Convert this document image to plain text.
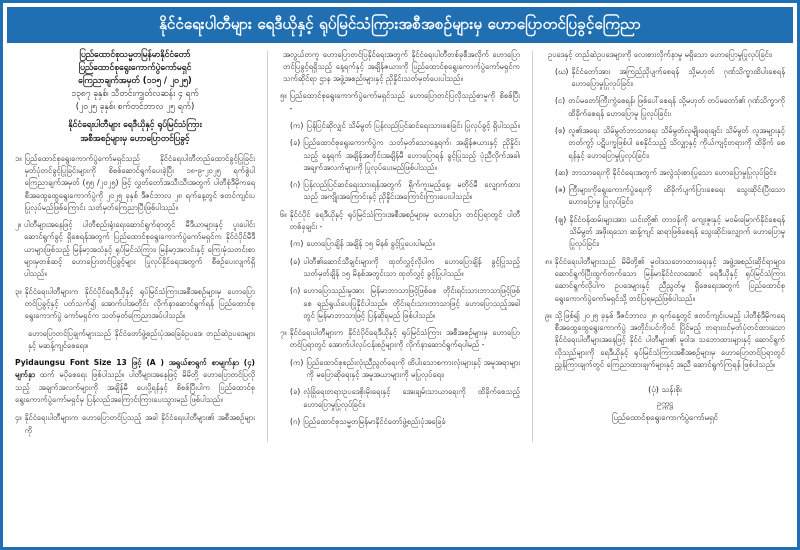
နိုင်ငံရေးပါတီများ ရေဒီယိုနှင့် ရုပ်မြင်သံကြားအစီအစဉ်များမှ ဟောပြောတင်ပြခွင့်ကြေညာ
ပြည်ထောင်စုသမ္မတမြန်မာနိုင်ငံတော်
ပြည်ထောင်စုရွေးကောက်ပွဲကော်မရှင်
ကြေညာချက်အမှတ် (၁၁၅ / ၂၀၂၅)
၁၃၈၇ ခုနှစ်၊ သီတင်းကျွတ်လဆန်း ၄ ရက်
(၂၀၂၅ ခုနှစ်၊ စက်တင်ဘာလ ၂၅ ရက်)
နိုင်ငံရေးပါတီများ ရေဒီယိုနှင့် ရုပ်မြင်သံကြား
အစီအစဉ်များမှ ဟောပြောတင်ပြခွင့်
၁။ ပြည်ထောင်စုရွေးကောက်ပွဲကော်မရှင်သည် နိုင်ငံရေးပါတီတည်ထောင်ခွင့်ပြုခြင်းမှတ်ပုံတင်ခွင့်ပြုခြင်းများကို စိစစ်ဆောင်ရွက်ပေးခဲ့ပြီး ၁၈-၉-၂၀၂၅ ရက်စွဲပါ ကြေညာချက်အမှတ် (၅၅ /၂၀၂၅) ဖြင့် လွှတ်တော်အသီးသီးအတွက် ပါတီစုံဒီမိုကရေစီအထွေထွေရွေးကောက်ပွဲကို ၂၀၂၅ ခုနှစ် ဒီဇင်ဘာလ ၂၈ ရက်နေ့တွင် စတင်ကျင်းပပြုလုပ်မည်ဖြစ်ကြောင်း သတ်မှတ်ကြေညာပြီးဖြစ်ပါသည်။
၂။ ပါတီများအနေဖြင့် ပါတီစည်းရုံးရေးဆောင်ရွက်ရာတွင် မီဒီယာများနှင့် ပူးပေါင်းဆောင်ရွက်ခွင့် ရှိစေရန်အတွက် ပြည်ထောင်စုရွေးကောက်ပွဲကော်မရှင်က နိုင်ငံပိုင်မီဒီယာများဖြစ်သည့် မြန်မာ့အသံနှင့် ရုပ်မြင်သံကြား၊ မြန်မာ့အလင်းနှင့် ကြေးမုံသတင်းစာများမှတစ်ဆင့် ဟောပြောတင်ပြခွင့်များ ပြုလုပ်နိုင်ရေးအတွက် စီစဉ်ပေးလျက်ရှိပါသည်။
၃။ နိုင်ငံရေးပါတီများက နိုင်ငံပိုင်ရေဒီယိုနှင့် ရုပ်မြင်သံကြားအစီအစဉ်များမှ ဟောပြောတင်ပြခွင့်နှင့် ပတ်သက်၍ အောက်ပါအတိုင်း လိုက်နာဆောင်ရွက်ရန် ပြည်ထောင်စုရွေးကောက်ပွဲ ကော်မရှင်က သတ်မှတ်ကြေညာအပ်ပါသည်။
ဟောပြောတင်ပြချက်များသည် နိုင်ငံတော်ဖွဲ့စည်းပုံအခြေခံဥပဒေ၊ တည်ဆဲဥပဒေများနှင့် မဆန့်ကျင်စေရေး။

Pyidaungsu Font Size 13 ဖြင့် (A ) အရွယ်စာရွက် စာမျက်နှာ (၄) မျက်နှာ ထက် မပိုစေရေး ဖြစ်ပါသည်။ ပါတီများအနေဖြင့် မိမိတို့ ဟောပြောတင်ပြလိုသည့် အချက်အလက်များကို အချိန်မီ ပေးပို့ရန်နှင့် စိစစ်ပြီးပါက ပြည်ထောင်စုရွေးကောက်ပွဲကော်မရှင်မှ ပြန်လည်အကြောင်းကြားပေးသွားမည် ဖြစ်ပါသည်။

၄။ နိုင်ငံရေးပါတီများက ဟောပြောတင်ပြသည့် အခါ နိုင်ငံရေးပါတီများ၏ အစီအစဉ်များကို
အလွယ်တကူ ဟောပြောတင်ပြနိုင်ရေးအတွက် နိုင်ငံရေးပါတီတစ်ခုစီအလိုက် ဟောပြောတင်ပြခွင့်ရရှိသည့် နေ့ရက်နှင့် အချိန်ဇယားကို ပြည်ထောင်စုရွေးကောက်ပွဲကော်မရှင်က သက်ဆိုင်ရာ ဌာန အဖွဲ့အစည်းများနှင့် ညှိနှိုင်းသတ်မှတ်ပေးပါသည်။
၅။ ပြည်ထောင်စုရွေးကောက်ပွဲကော်မရှင်သည် ဟောပြောတင်ပြလိုသည့်စာမူကို စိစစ်ပြီး -
(က) ပြန်ပြင်ဆိုလျှင် သိမ်မွတ် ပြန်လည်ပြင်ဆင်ရေးသားစေခြင်း ပြုလုပ်ခွင့် ရှိပါသည်။
(ခ) ပြည်ထောင်စုရွေးကောက်ပွဲက သတ်မှတ်သောနေ့ရက်၊ အချိန်ဇယားနှင့် ညှိနှိုင်းသည့် နေ့ရက် အချိန်အတိုင်းအချိန်မီ ဟောပြောရန် ခွင့်ပြုသည့် ပုံညီလိုက်အခါ၊ အချက်အလက်များကို ပြုလုပ်ပေးမည်ဖြစ်ပါသည်။
(ဂ) ပြန်လည်ပြင်ဆင်ရေးသားရန်အတွက် ရိုက်ကူးမည့်နေ့၊ မတိုင်မီ လျှောက်ထားသည် အကျိုးအကြောင်းနှင့် ညှိနှိုင်းအကြောင်းကြားပေးပါသည်။
၆။ နိုင်ငံပိုင် ရေဒီယိုနှင့် ရုပ်မြင်သံကြားအစီအစဉ်များမှ ဟောပြော တင်ပြရာတွင် ပါတီ တစ်ခုချင်း -
(က) ဟောပြောချိန် အချိန် ၁၅ မိနစ် ခွင့်ပြုပေးပါမည်။
(ခ) ပါတီ၏ဆောင်သီချင်းများကို ထုတ်လွှင့်လိုပါက ဟောပြောချိန် ခွင့်ပြုသည့် သတ်မှတ်ချိန် ၁၅ မိနစ်အတွင်းသာ ထုတ်လွှင့် ခွင့်ပြုပါသည်။
(ဂ) ဟောပြောသည်းမှုအား မြန်မာဘာသာဖြင့်ဖြစ်စေ တိုင်းရင်းသားဘာသာဖြင့်ဖြစ်စေ ရည်ရွယ်ပေးပြုနိုင်ပါသည်။ တိုင်းရင်းသားဘာသာဖြင့် ဟောပြောသည့်အခါတွင် မြန်မာဘာသာဖြင့် ပြန်ဆိုရမည် ဖြစ်ပါသည်။
၇။ နိုင်ငံရေးပါတီများက နိုင်ငံပိုင်ရေဒီယိုနှင့် ရုပ်မြင်သံကြား အစီအစဉ်များမှ ဟောပြောတင်ပြရာတွင် အောက်ပါလုပ်ငန်းစဉ်များကို လိုက်နာဆောင်ရွက်ရပါမည် -
(က) ပြည်ထောင်စုစည်းလုံးညီညွတ်ရေးကို ထိပါးသောစကားလုံးများနှင့် အမူအရာများကို မပြောဆိုရေးနှင့် အမူအယာများကို မပြုလုပ်ရေး၊
(ခ) လုံခြုံရေးတရားဥပဒေစိုးမိုးရေးနှင့် အေးချမ်းသာယာရေးကို ထိခိုက်စေသည့် ဟောပြောမှုပြုလုပ်ခြင်း၊
(ဂ) ပြည်ထောင်စုသမ္မတမြန်မာနိုင်ငံတော်ဖွဲ့စည်းပုံအခြေခံ
ဥပဒေနှင့် တည်ဆဲဥပဒေများကို လေးစားလိုက်နာမှု မရှိသော ဟောပြောမှုပြုလုပ်ခြင်း၊
(ဃ) နိုင်ငံတော်အား အကြည်ညိုပျက်စေရန် သို့မဟုတ် ဂုဏ်သိက္ခာထိပါးစေရန် ဟောပြောမှုပြုလုပ်ခြင်း၊
(င) တပ်မတော်ကြီးကွဲစေရန်၊ ဖြစ်ပေါ်စေရန် သို့မဟုတ် တပ်မတော်၏ ဂုဏ်သိက္ခာကို ထိခိုက်စေရန် ဟောပြောမှု ပြုလုပ်ခြင်း၊
(စ) လူ၏အရေး သိမ်မွတ်ဘာသာရေး သိမ်မွတ်လူမျိုးရေးချင်း သိမ်မွတ် လူအများနှင့်တတ်ကွာ့် ပဋိပက္ခဖြစ်ပါ စေနိုင်သည့် သိလျှာ့နှင့် ကိုယ်ကျင့်တရားကို ထိခိုက် စေရန်နှင့် ဟောပြောမှုပြုလုပ်ခြင်း၊
(ဆ) ဘာသာရေးကို နိုင်ငံရေးအတွက် အလွဲသုံးစားပြုသော ဟောပြောမှုပြုလုပ်ခြင်း၊
(ဇ) ကြီးများကိုရွေးကောက်ပွဲရေးကို ထိခိုက်ပျက်ပြားစေရေး သွေးဆိုင်းပြီးသော ဟောပြောမှု ပြုလုပ်ခြင်း၊
(ဈ) နိုင်ငံဝန်ထမ်းများအား ယင်းတို့၏ တာဝန်ကို ကျေးဇူးနှင့် မဝမ်းမြောက်နိုင်စေရန် သိမ်မွတ် အဖိုးရသော ဆန့်ကျင် ဆရာဖြစ်စေရန် သွေးဆိုင်းလျှောက် ဟောပြောမှု ပြုလုပ်ခြင်း၊
၈။ နိုင်ငံရေးပါတီများသည် မိမိတို့၏ မူဝါဒသဘောထားရေးနှင့် အဖွဲ့အစည်းဆိုင်ရာများ၊ ဆောင်ရွက်ပြီးထွက်တက်သော မြန်မာနိုင်ငံလာအောင် ရေဒီယိုနှင့် ရုပ်မြင်သံကြားဆောင်ရွက်လိုပါက ဥပဒေများနှင့် ညီညွတ်မှု ရှိစေရေးအတွက် ပြည်ထောင်စုရွေးကောက်ပွဲကော်မရှင်သို့ တင်ပြရမည်ဖြစ်ပါသည်။
၉။ သို့ဖြစ်၍ ၂၀၂၅ ခုနှစ် ဒီဇင်ဘာလ ၂၈ ရက်နေ့တွင် စတင်ကျင်းပမည့် ပါတီစုံဒီမိုကရေစီအထွေထွေရွေးကောက်ပွဲ အတိုင်းပင်ကိုဝင် ပြိုင်မည့် တရားဝင်မှတ်ပုံတင်ထားသော နိုင်ငံရေးပါတီများအနေဖြင့် နိုင်ငံ ပါတီများ၏ မူဝါဒ၊ သဘောထားများနှင့် ဆောင်ရွက်လိုသည်များကို ရေဒီယိုနှင့် ရုပ်မြင်သံကြားအစီအစဉ်များမှ ဟောပြောတင်ပြရာတွင် ညွှန်ကြားချက်တွင် ကြေညာထားချက်များနှင့် အညီ ဆောင်ရွက်ကြရန် ဖြစ်ပါသည်။
(ပုံ) သန်းစိုး
ဥက္ကဋ္ဌ
ပြည်ထောင်စုရွေးကောက်ပွဲကော်မရှင်
